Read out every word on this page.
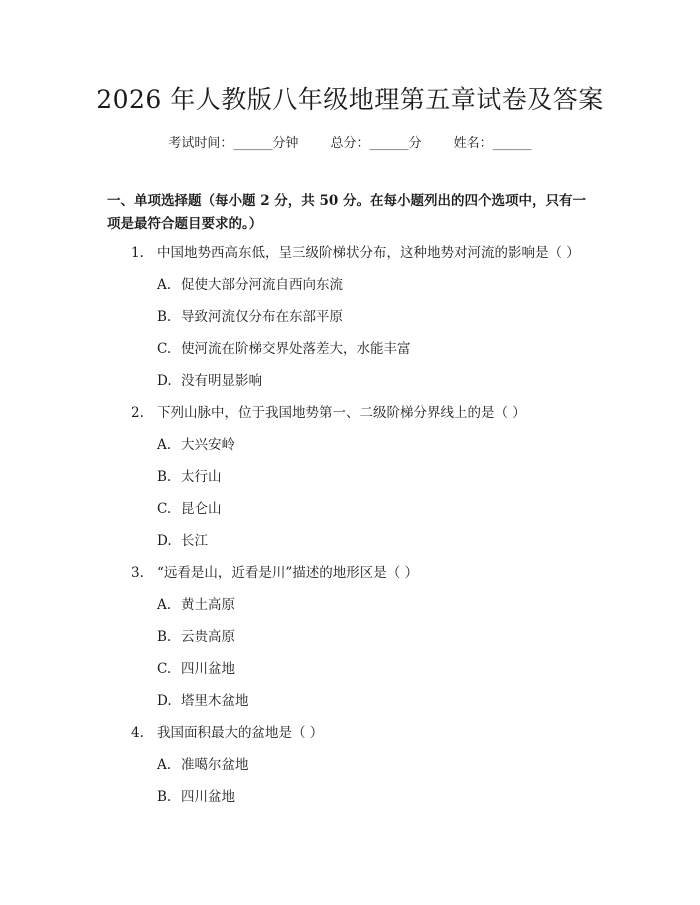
2026 年人教版八年级地理第五章试卷及答案
考试时间：______分钟 总分：______分 姓名：______
一、单项选择题（每小题 2 分，共 50 分。在每小题列出的四个选项中，只有一项是最符合题目要求的。）
1. 中国地势西高东低，呈三级阶梯状分布，这种地势对河流的影响是（ ）
A. 促使大部分河流自西向东流
B. 导致河流仅分布在东部平原
C. 使河流在阶梯交界处落差大，水能丰富
D. 没有明显影响
2. 下列山脉中，位于我国地势第一、二级阶梯分界线上的是（ ）
A. 大兴安岭
B. 太行山
C. 昆仑山
D. 长江
3. “远看是山，近看是川”描述的地形区是（ ）
A. 黄土高原
B. 云贵高原
C. 四川盆地
D. 塔里木盆地
4. 我国面积最大的盆地是（ ）
A. 准噶尔盆地
B. 四川盆地
